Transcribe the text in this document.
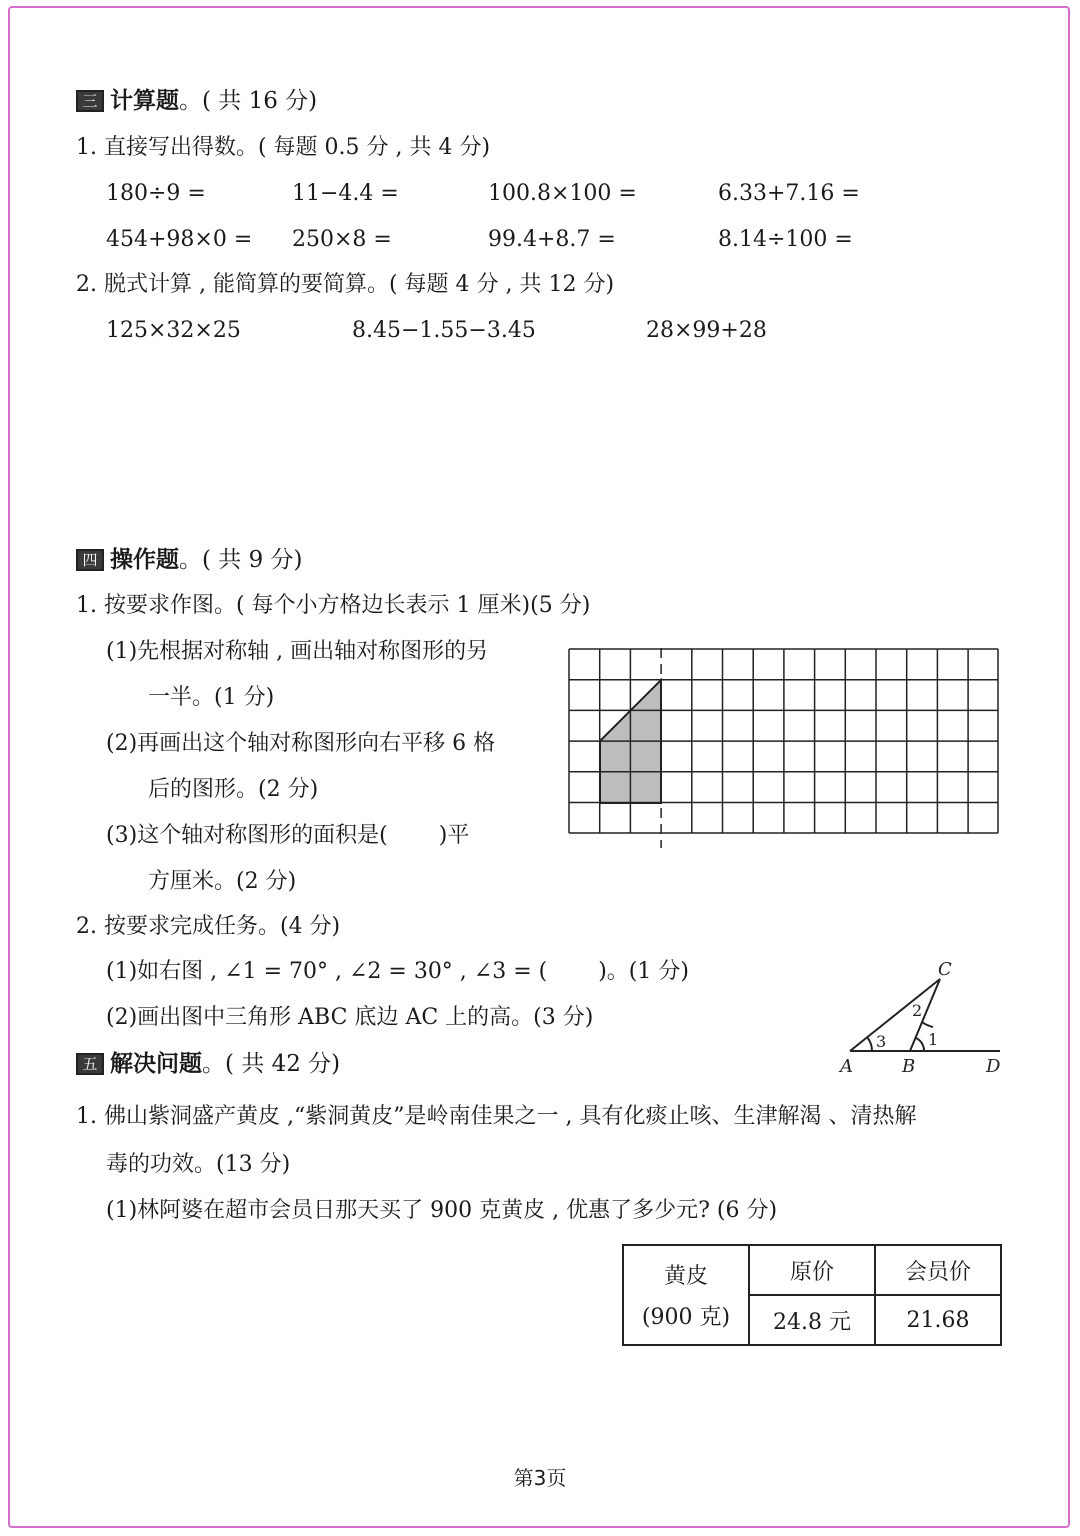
三 计算题 。( 共 16 分)
1. 直接写出得数。( 每题 0.5 分 , 共 4 分)
180÷9 =	11−4.4 =	100.8×100 =	6.33+7.16 =
454+98×0 = 250×8 =	99.4+8.7 =	8.14÷100 =
2. 脱式计算 , 能简算的要简算。( 每题 4 分 , 共 12 分)
125×32×25	8.45−1.55−3.45	28×99+28
四 操作题 。( 共 9 分)
1. 按要求作图。( 每个小方格边长表示 1 厘米)(5 分)
(1)先根据对称轴 , 画出轴对称图形的另
一半。(1 分)
(2)再画出这个轴对称图形向右平移 6 格
后的图形。(2 分)
(3)这个轴对称图形的面积是(　　 )平
方厘米。(2 分)
2. 按要求完成任务。(4 分)
(1)如右图 , ∠1 = 70° , ∠2 = 30° , ∠3 = (　　 )。(1 分)
(2)画出图中三角形 ABC 底边 AC 上的高。(3 分)
C
A	B	D
2
1
3
五 解决问题 。( 共 42 分)
1. 佛山紫洞盛产黄皮 ,“紫洞黄皮”是岭南佳果之一 , 具有化痰止咳、生津解渴 、清热解
毒的功效。(13 分)
(1)林阿婆在超市会员日那天买了 900 克黄皮 , 优惠了多少元? (6 分)
黄皮
(900 克)	原价	会员价
	24.8 元	21.68
第3页
